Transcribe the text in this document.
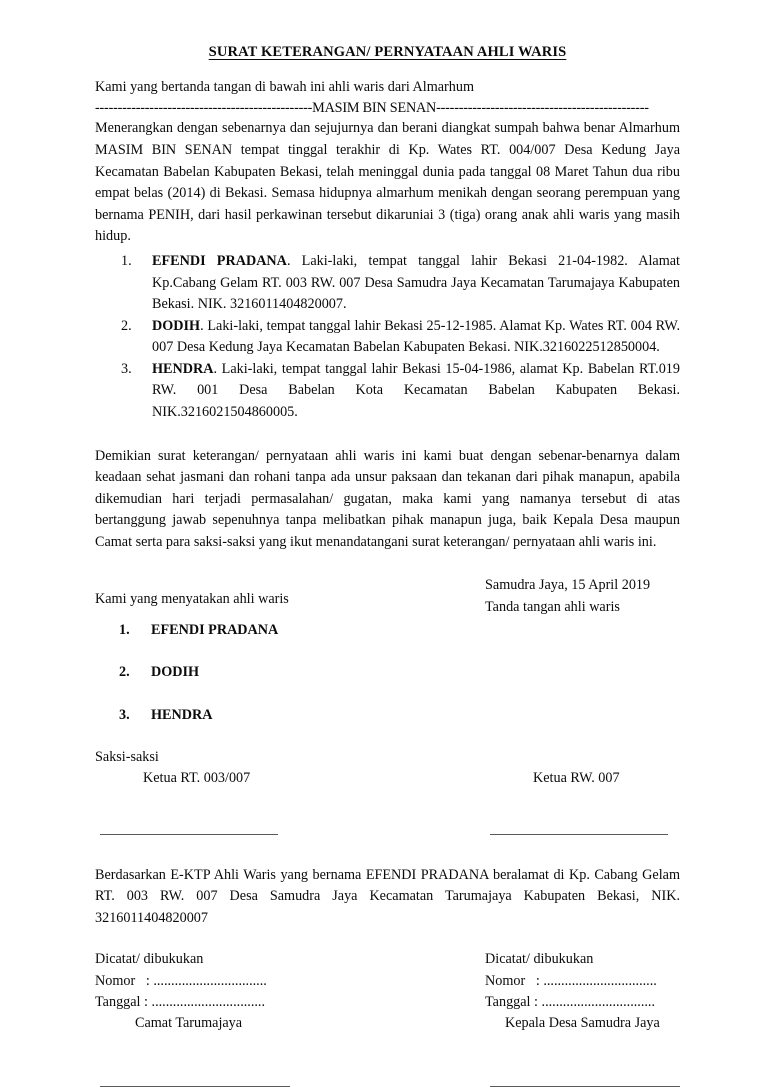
SURAT KETERANGAN/ PERNYATAAN AHLI WARIS

Kami yang bertanda tangan di bawah ini ahli waris dari Almarhum

------------------------------------------------MASIM BIN SENAN-----------------------------------------------

Menerangkan dengan sebenarnya dan sejujurnya dan berani diangkat sumpah bahwa benar Almarhum MASIM BIN SENAN tempat tinggal terakhir di Kp. Wates RT. 004/007 Desa Kedung Jaya Kecamatan Babelan Kabupaten Bekasi, telah meninggal dunia pada tanggal 08 Maret Tahun dua ribu empat belas (2014) di Bekasi. Semasa hidupnya almarhum menikah dengan seorang perempuan yang bernama PENIH, dari hasil perkawinan tersebut dikaruniai 3 (tiga) orang anak ahli waris yang masih hidup.

EFENDI PRADANA. Laki-laki, tempat tanggal lahir Bekasi 21-04-1982. Alamat Kp.Cabang Gelam RT. 003 RW. 007 Desa Samudra Jaya Kecamatan Tarumajaya Kabupaten Bekasi. NIK. 3216011404820007.
DODIH. Laki-laki, tempat tanggal lahir Bekasi 25-12-1985. Alamat Kp. Wates RT. 004 RW. 007 Desa Kedung Jaya Kecamatan Babelan Kabupaten Bekasi. NIK.3216022512850004.
HENDRA. Laki-laki, tempat tanggal lahir Bekasi 15-04-1986, alamat Kp. Babelan RT.019 RW. 001 Desa Babelan Kota Kecamatan Babelan Kabupaten Bekasi. NIK.3216021504860005.

Demikian surat keterangan/ pernyataan ahli waris ini kami buat dengan sebenar-benarnya dalam keadaan sehat jasmani dan rohani tanpa ada unsur paksaan dan tekanan dari pihak manapun, apabila dikemudian hari terjadi permasalahan/ gugatan, maka kami yang namanya tersebut di atas bertanggung jawab sepenuhnya tanpa melibatkan pihak manapun juga, baik Kepala Desa maupun Camat serta para saksi-saksi yang ikut menandatangani surat keterangan/ pernyataan ahli waris ini.

Kami yang menyatakan ahli waris
Samudra Jaya, 15 April 2019
Tanda tangan ahli waris
EFENDI PRADANA
DODIH
HENDRA
Saksi-saksi
Ketua RT. 003/007	Ketua RW. 007

Berdasarkan E-KTP Ahli Waris yang bernama EFENDI PRADANA beralamat di Kp. Cabang Gelam RT. 003 RW. 007 Desa Samudra Jaya Kecamatan Tarumajaya Kabupaten Bekasi, NIK. 3216011404820007

Dicatat/ dibukukan
Nomor   : ................................
Tanggal : ................................
Camat Tarumajaya
Dicatat/ dibukukan
Nomor   : ................................
Tanggal : ................................
Kepala Desa Samudra Jaya
